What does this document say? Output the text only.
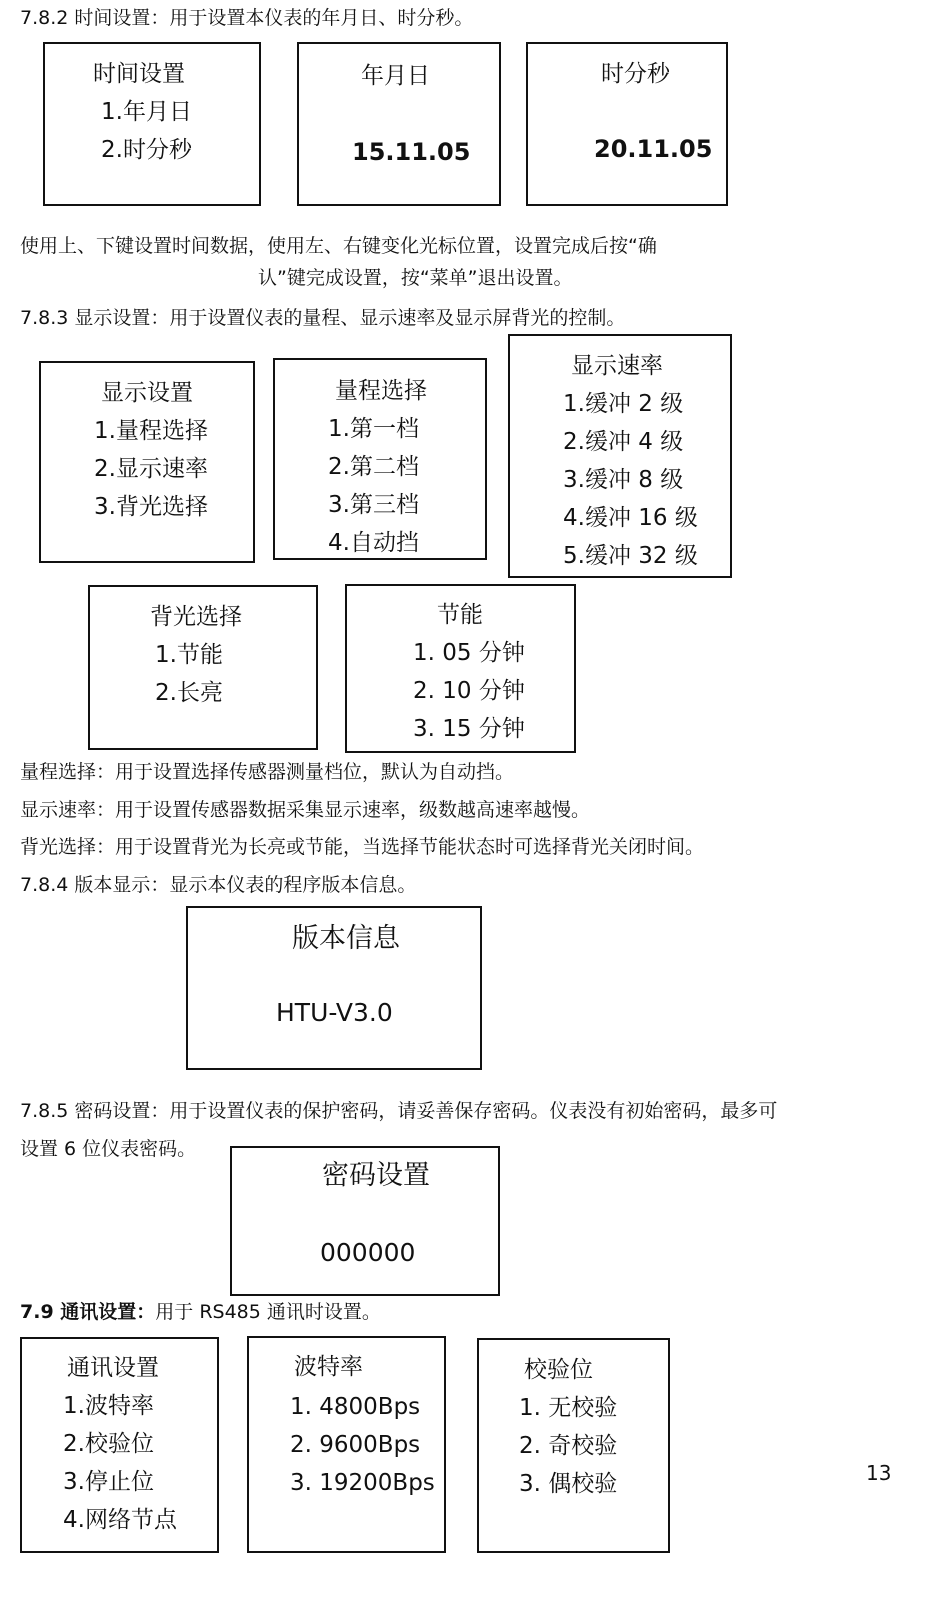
7.8.2 时间设置：用于设置本仪表的年月日、时分秒。
时间设置
1.年月日
2.时分秒
年月日
15.11.05
时分秒
20.11.05
使用上、下键设置时间数据，使用左、右键变化光标位置，设置完成后按“确
认”键完成设置，按“菜单”退出设置。
7.8.3 显示设置：用于设置仪表的量程、显示速率及显示屏背光的控制。
显示设置
1.量程选择
2.显示速率
3.背光选择
量程选择
1.第一档
2.第二档
3.第三档
4.自动挡
显示速率
1.缓冲 2 级
2.缓冲 4 级
3.缓冲 8 级
4.缓冲 16 级
5.缓冲 32 级
背光选择
1.节能
2.长亮
节能
1. 05 分钟
2. 10 分钟
3. 15 分钟
量程选择：用于设置选择传感器测量档位，默认为自动挡。
显示速率：用于设置传感器数据采集显示速率，级数越高速率越慢。
背光选择：用于设置背光为长亮或节能，当选择节能状态时可选择背光关闭时间。
7.8.4 版本显示：显示本仪表的程序版本信息。
版本信息
HTU-V3.0
7.8.5 密码设置：用于设置仪表的保护密码，请妥善保存密码。仪表没有初始密码，最多可
设置 6 位仪表密码。
密码设置
000000
7.9 通讯设置：用于 RS485 通讯时设置。
通讯设置
1.波特率
2.校验位
3.停止位
4.网络节点
波特率
1. 4800Bps
2. 9600Bps
3. 19200Bps
校验位
1. 无校验
2. 奇校验
3. 偶校验	13
